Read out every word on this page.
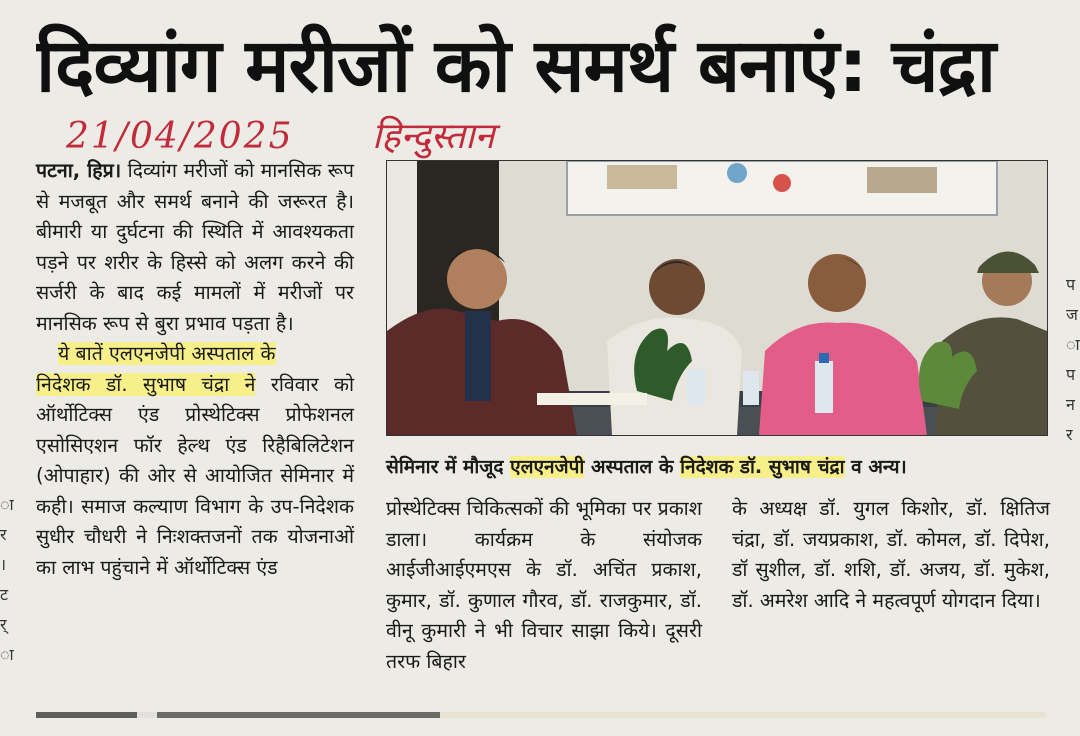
ा
र
।
ट
र्
ा
प
ज
ा
प
न
र
दिव्यांग मरीजों को समर्थ बनाएं: चंद्रा
21/04/2025 हिन्दुस्तान

पटना, हिप्र। दिव्यांग मरीजों को मानसिक रूप से मजबूत और समर्थ बनाने की जरूरत है। बीमारी या दुर्घटना की स्थिति में आवश्यकता पड़ने पर शरीर के हिस्से को अलग करने की सर्जरी के बाद कई मामलों में मरीजों पर मानसिक रूप से बुरा प्रभाव पड़ता है।

ये बातें एलएनजेपी अस्पताल के

निदेशक डॉ. सुभाष चंद्रा ने रविवार को ऑर्थोटिक्स एंड प्रोस्थेटिक्स प्रोफेशनल एसोसिएशन फॉर हेल्थ एंड रिहैबिलिटेशन (ओपाहार) की ओर से आयोजित सेमिनार में कही। समाज कल्याण विभाग के उप-निदेशक सुधीर चौधरी ने निःशक्तजनों तक योजनाओं का लाभ पहुंचाने में ऑर्थोटिक्स एंड

सेमिनार में मौजूद एलएनजेपी अस्पताल के निदेशक डॉ. सुभाष चंद्रा व अन्य।

प्रोस्थेटिक्स चिकित्सकों की भूमिका पर प्रकाश डाला। कार्यक्रम के संयोजक आईजीआईएमएस के डॉ. अचिंत प्रकाश, कुमार, डॉ. कुणाल गौरव, डॉ. राजकुमार, डॉ. वीनू कुमारी ने भी विचार साझा किये। दूसरी तरफ बिहार

के अध्यक्ष डॉ. युगल किशोर, डॉ. क्षितिज चंद्रा, डॉ. जयप्रकाश, डॉ. कोमल, डॉ. दिपेश, डॉ सुशील, डॉ. शशि, डॉ. अजय, डॉ. मुकेश, डॉ. अमरेश आदि ने महत्वपूर्ण योगदान दिया।
